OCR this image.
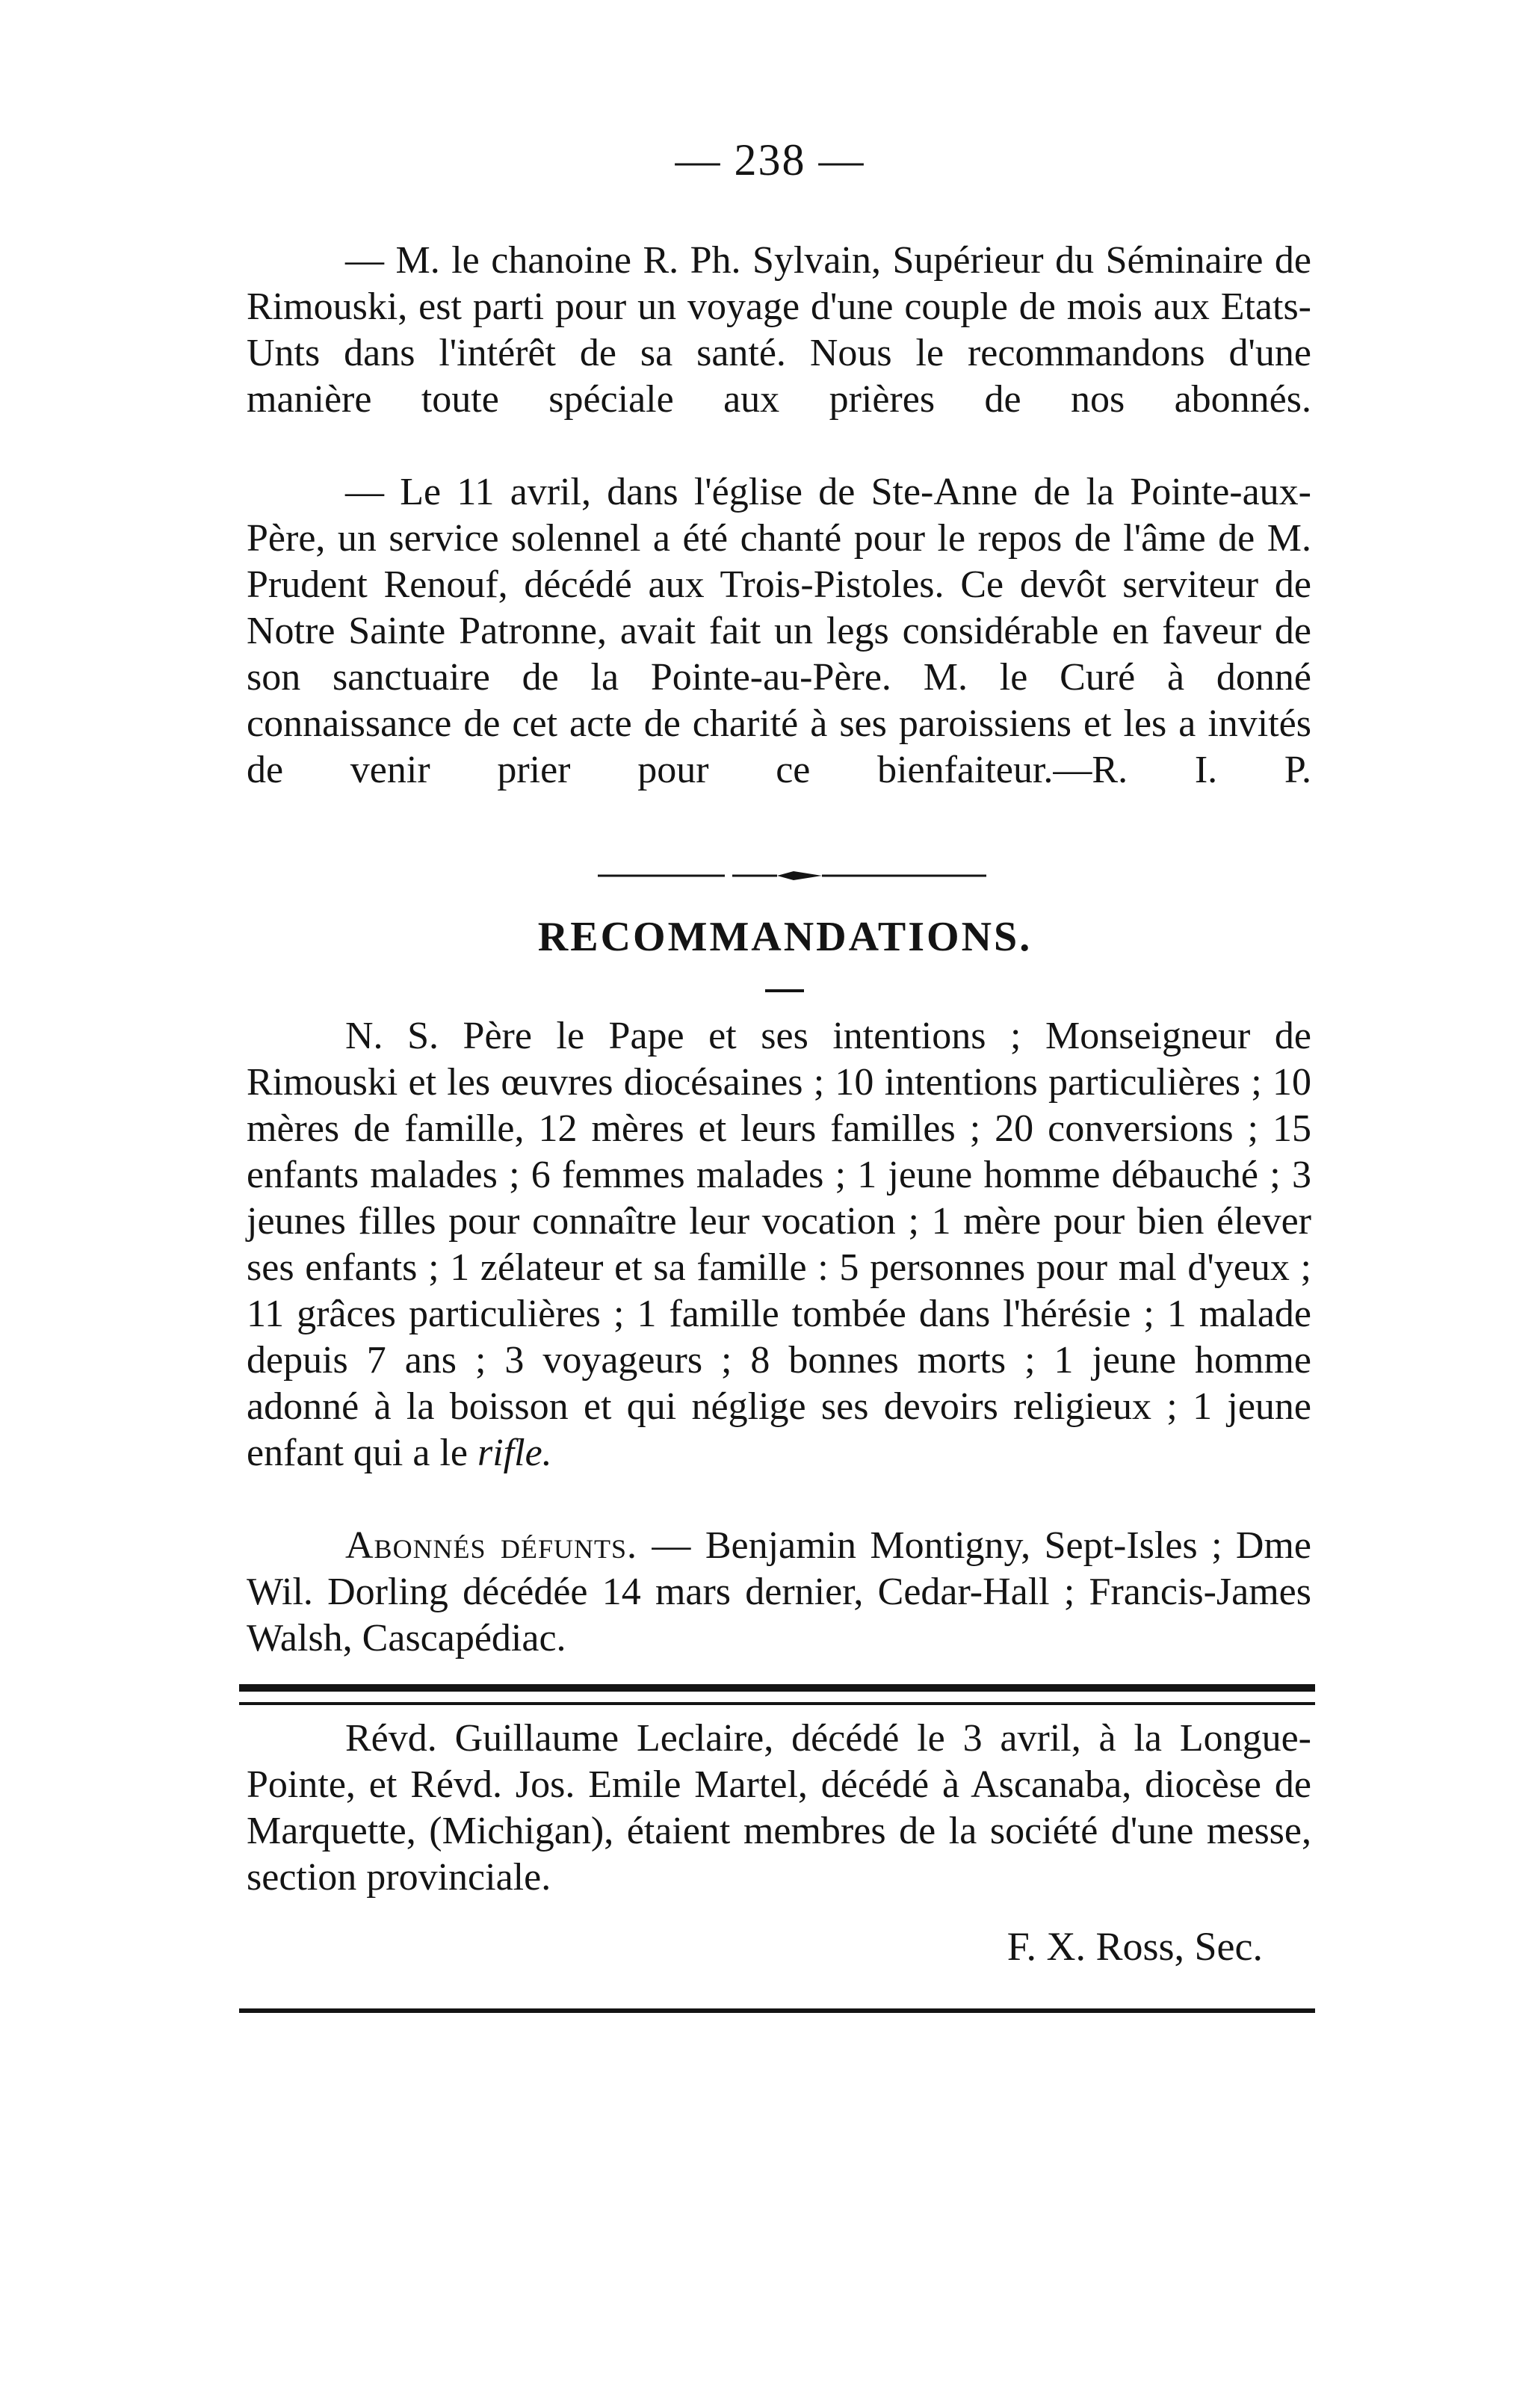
— 238 —
— M. le chanoine R. Ph. Sylvain, Supérieur du Séminaire de Rimouski, est parti pour un voyage d'une couple de mois aux Etats-Unts dans l'intérêt de sa santé. Nous le recommandons d'une manière toute spéciale aux prières de nos abonnés.
— Le 11 avril, dans l'église de Ste-Anne de la Pointe-aux-Père, un service solennel a été chanté pour le repos de l'âme de M. Prudent Renouf, décédé aux Trois-Pistoles. Ce devôt serviteur de Notre Sainte Patronne, avait fait un legs considérable en faveur de son sanctuaire de la Pointe-au-Père. M. le Curé à donné connaissance de cet acte de charité à ses paroissiens et les a invités de venir prier pour ce bienfaiteur.—R. I. P.
RECOMMANDATIONS.
N. S. Père le Pape et ses intentions ; Monseigneur de Rimouski et les œuvres diocésaines ; 10 intentions particulières ; 10 mères de famille, 12 mères et leurs familles ; 20 conversions ; 15 enfants malades ; 6 femmes malades ; 1 jeune homme débauché ; 3 jeunes filles pour connaître leur vocation ; 1 mère pour bien élever ses enfants ; 1 zélateur et sa famille : 5 personnes pour mal d'yeux ; 11 grâces particulières ; 1 famille tombée dans l'hérésie ; 1 malade depuis 7 ans ; 3 voyageurs ; 8 bonnes morts ; 1 jeune homme adonné à la boisson et qui néglige ses devoirs religieux ; 1 jeune enfant qui a le rifle.
Abonnés défunts. — Benjamin Montigny, Sept-Isles ; Dme Wil. Dorling décédée 14 mars dernier, Cedar-Hall ; Francis-James Walsh, Cascapédiac.
Révd. Guillaume Leclaire, décédé le 3 avril, à la Longue-Pointe, et Révd. Jos. Emile Martel, décédé à Ascanaba, diocèse de Marquette, (Michigan), étaient membres de la société d'une messe, section provinciale.
F. X. Ross, Sec.
